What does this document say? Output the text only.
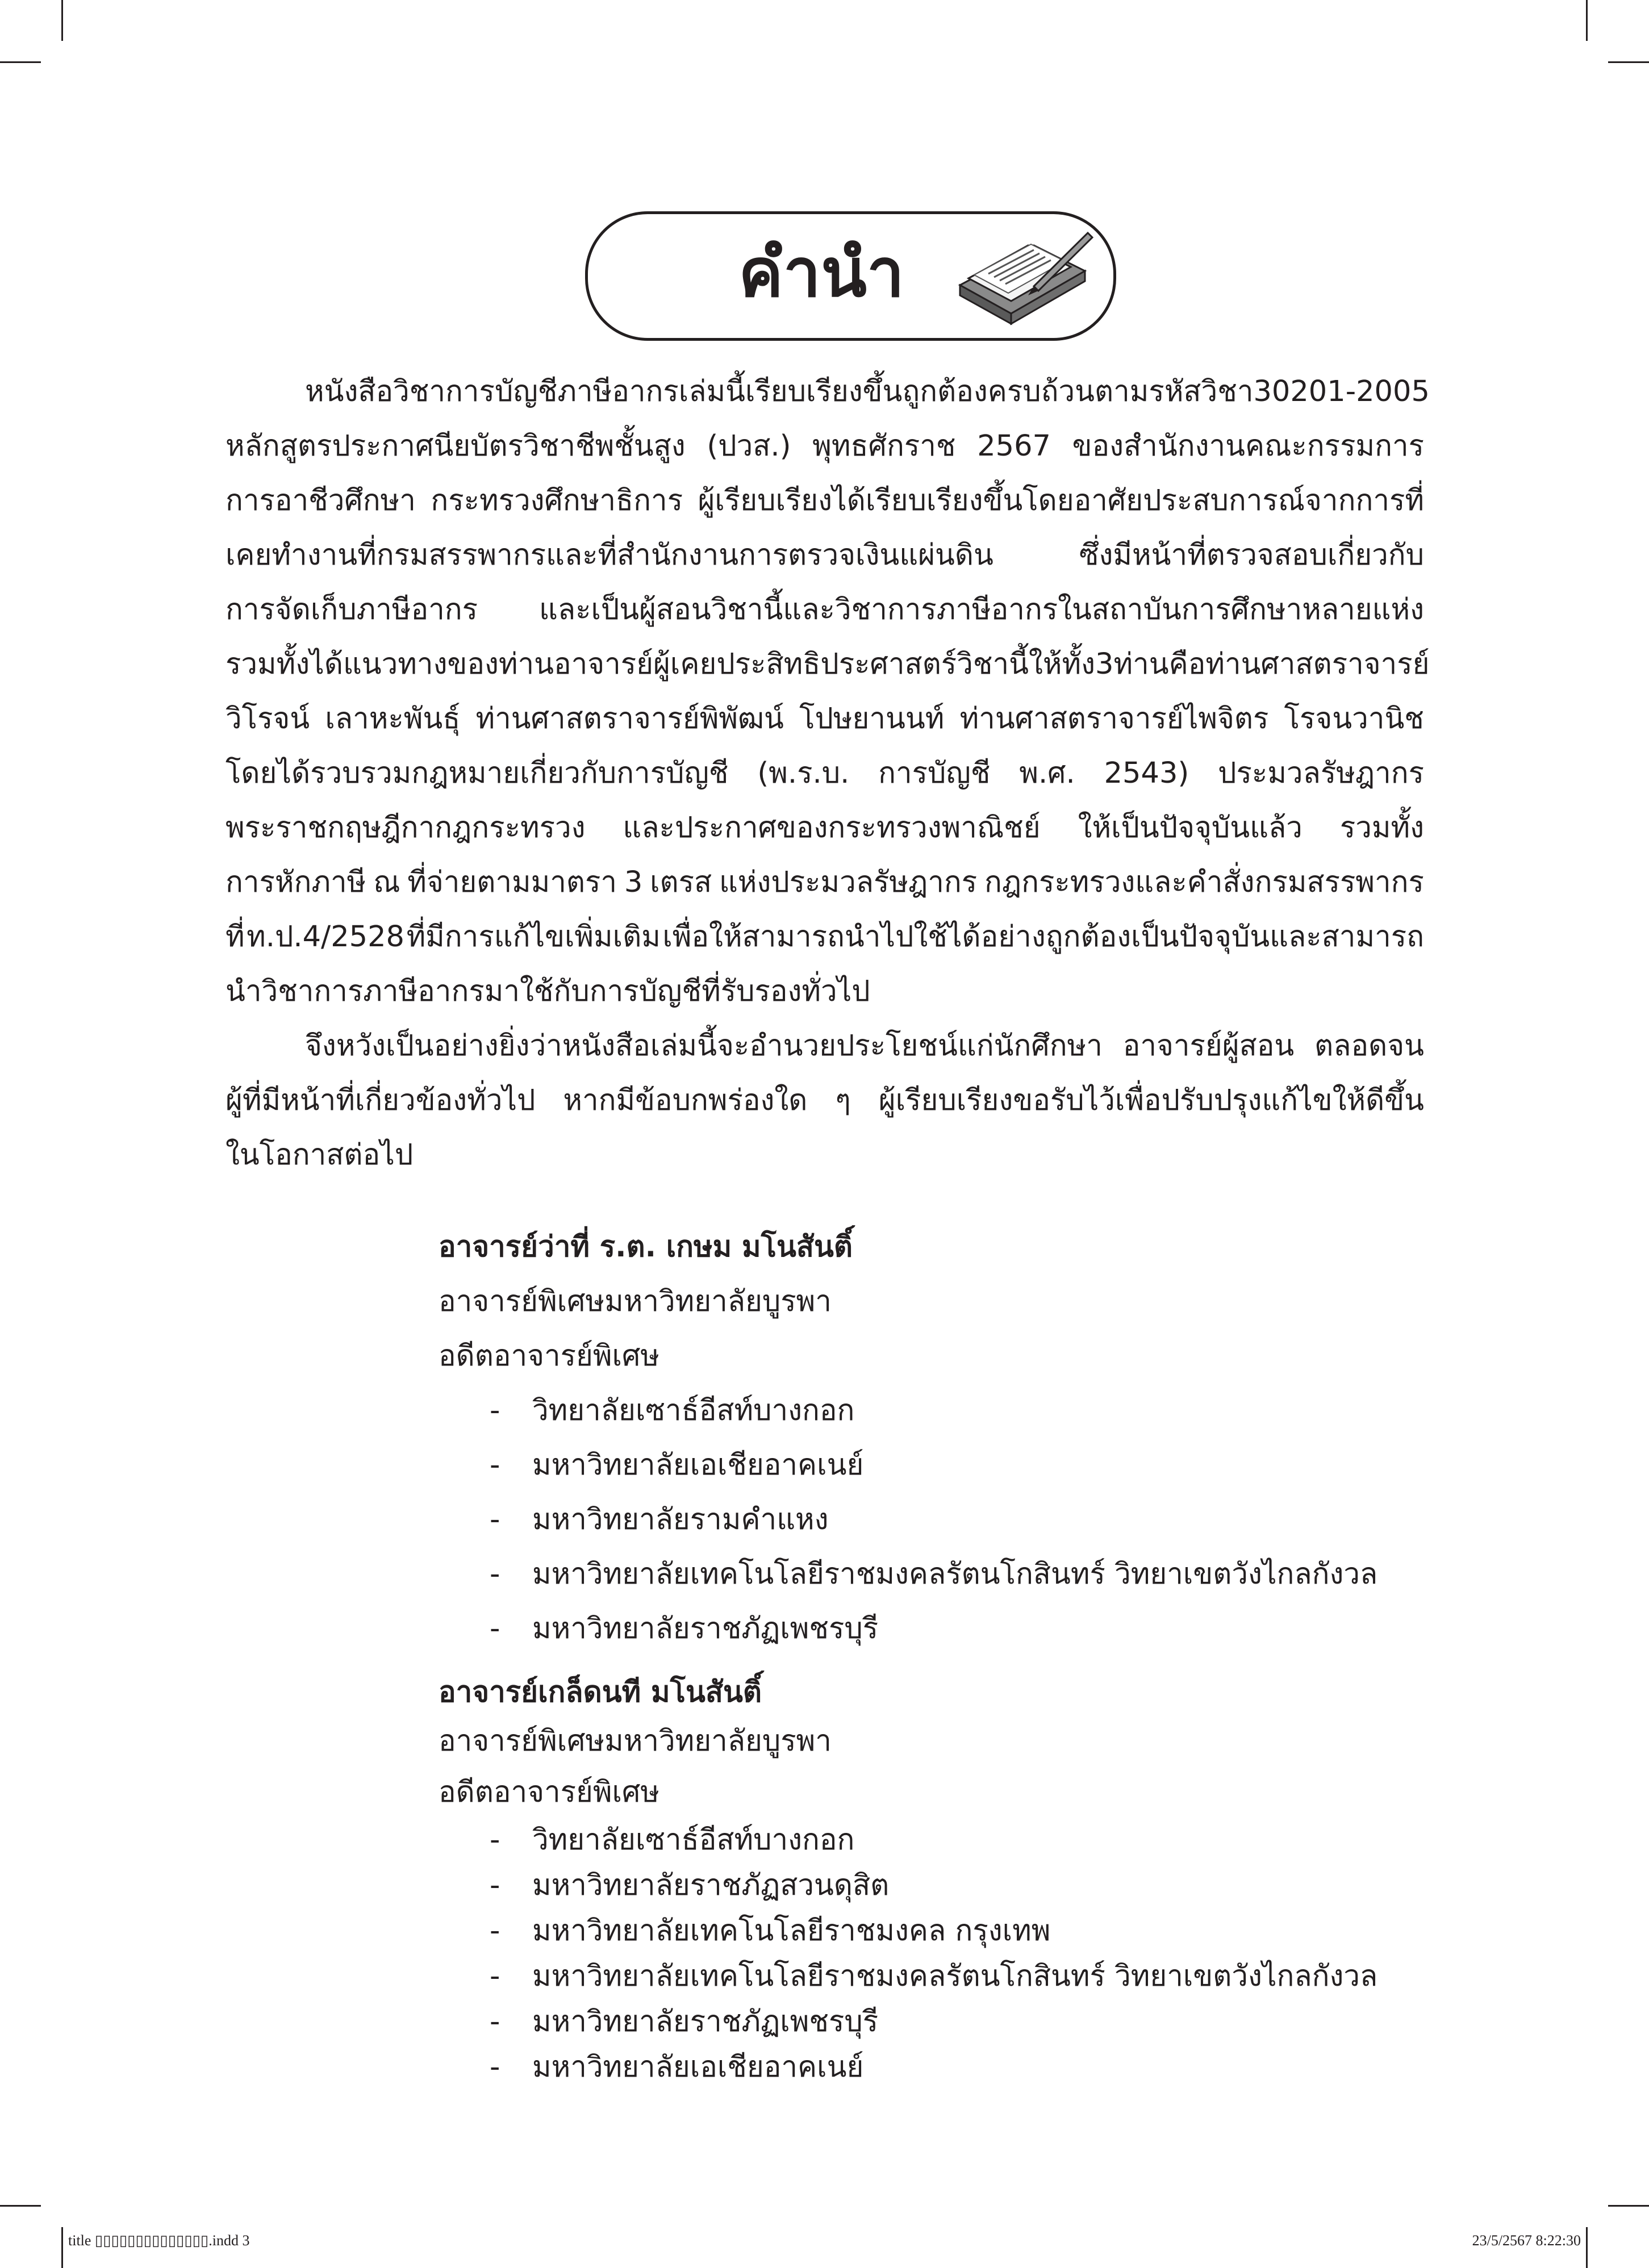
คำนำ
หนังสือวิชาการบัญชีภาษีอากรเล่มนี้เรียบเรียงขึ้นถูกต้องครบถ้วนตามรหัสวิชา 30201-2005
หลักสูตรประกาศนียบัตรวิชาชีพชั้นสูง (ปวส.) พุทธศักราช 2567 ของสำนักงานคณะกรรมการ
การอาชีวศึกษา กระทรวงศึกษาธิการ ผู้เรียบเรียงได้เรียบเรียงขึ้นโดยอาศัยประสบการณ์จากการที่
เคยทำงานที่กรมสรรพากรและที่สำนักงานการตรวจเงินแผ่นดิน	ซึ่งมีหน้าที่ตรวจสอบเกี่ยวกับ
การจัดเก็บภาษีอากร และเป็นผู้สอนวิชานี้และวิชาการภาษีอากรในสถาบันการศึกษาหลายแห่ง
รวมทั้งได้แนวทางของท่านอาจารย์ผู้เคยประสิทธิประศาสตร์วิชานี้ให้ทั้ง 3 ท่าน คือ ท่านศาสตราจารย์
วิโรจน์ เลาหะพันธุ์ ท่านศาสตราจารย์พิพัฒน์ โปษยานนท์ ท่านศาสตราจารย์ไพจิตร โรจนวานิช
โดยได้รวบรวมกฎหมายเกี่ยวกับการบัญชี (พ.ร.บ. การบัญชี พ.ศ. 2543) ประมวลรัษฎากร
พระราชกฤษฎีกากฎกระทรวง และประกาศของกระทรวงพาณิชย์ ให้เป็นปัจจุบันแล้ว รวมทั้ง
การหักภาษี ณ ที่จ่ายตามมาตรา 3 เตรส แห่งประมวลรัษฎากร กฎกระทรวงและคำสั่งกรมสรรพากร
ที่ ท.ป.4/2528 ที่มีการแก้ไขเพิ่มเติม เพื่อให้สามารถนำไปใช้ได้อย่างถูกต้องเป็นปัจจุบันและสามารถ
นำวิชาการภาษีอากรมาใช้กับการบัญชีที่รับรองทั่วไป
จึงหวังเป็นอย่างยิ่งว่าหนังสือเล่มนี้จะอำนวยประโยชน์แก่นักศึกษา อาจารย์ผู้สอน ตลอดจน
ผู้ที่มีหน้าที่เกี่ยวข้องทั่วไป หากมีข้อบกพร่องใด ๆ ผู้เรียบเรียงขอรับไว้เพื่อปรับปรุงแก้ไขให้ดีขึ้น
ในโอกาสต่อไป
อาจารย์ว่าที่ ร.ต. เกษม มโนสันติ์
อาจารย์พิเศษมหาวิทยาลัยบูรพา
อดีตอาจารย์พิเศษ
-	วิทยาลัยเซาธ์อีสท์บางกอก
-	มหาวิทยาลัยเอเชียอาคเนย์
-	มหาวิทยาลัยรามคำแหง
-	มหาวิทยาลัยเทคโนโลยีราชมงคลรัตนโกสินทร์ วิทยาเขตวังไกลกังวล
-	มหาวิทยาลัยราชภัฏเพชรบุรี
อาจารย์เกล็ดนที มโนสันติ์
อาจารย์พิเศษมหาวิทยาลัยบูรพา
อดีตอาจารย์พิเศษ
-	วิทยาลัยเซาธ์อีสท์บางกอก
-	มหาวิทยาลัยราชภัฏสวนดุสิต
-	มหาวิทยาลัยเทคโนโลยีราชมงคล กรุงเทพ
-	มหาวิทยาลัยเทคโนโลยีราชมงคลรัตนโกสินทร์ วิทยาเขตวังไกลกังวล
-	มหาวิทยาลัยราชภัฏเพชรบุรี
-	มหาวิทยาลัยเอเชียอาคเนย์
title ▯▯▯▯▯▯▯▯▯▯▯▯▯▯.indd 3	23/5/2567 8:22:30
